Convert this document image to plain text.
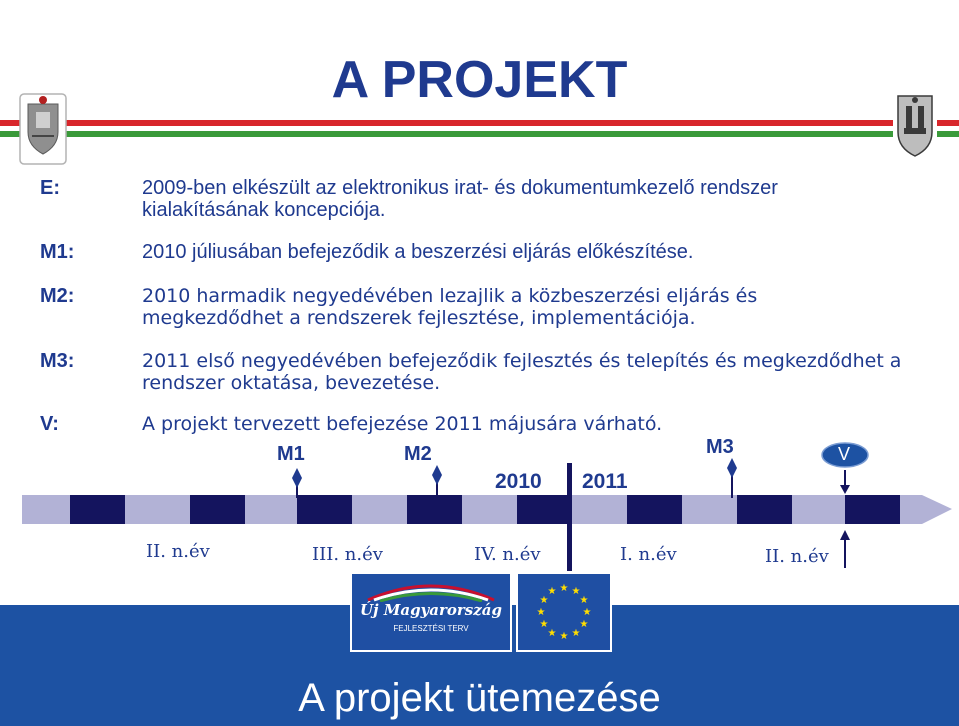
A PROJEKT
E:	2009-ben elkészült az elektronikus irat- és dokumentumkezelő rendszer kialakításának koncepciója.
M1:	2010 júliusában befejeződik a beszerzési eljárás előkészítése.
M2:	2010 harmadik negyedévében lezajlik a közbeszerzési eljárás és megkezdődhet a rendszerek fejlesztése, implementációja.
M3:	2011 első negyedévében befejeződik fejlesztés és telepítés és megkezdődhet a rendszer oktatása, bevezetése.
V:	A projekt tervezett befejezése 2011 májusára várható.
M1	M2	M3	V
2010 2011
II. n.év	III. n.év	IV. n.év	I. n.év	II. n.év
Új Magyarország
FEJLESZTÉSI TERV
★ ★
★
★
★
★
★
★
★
★
★
★
A projekt ütemezése
